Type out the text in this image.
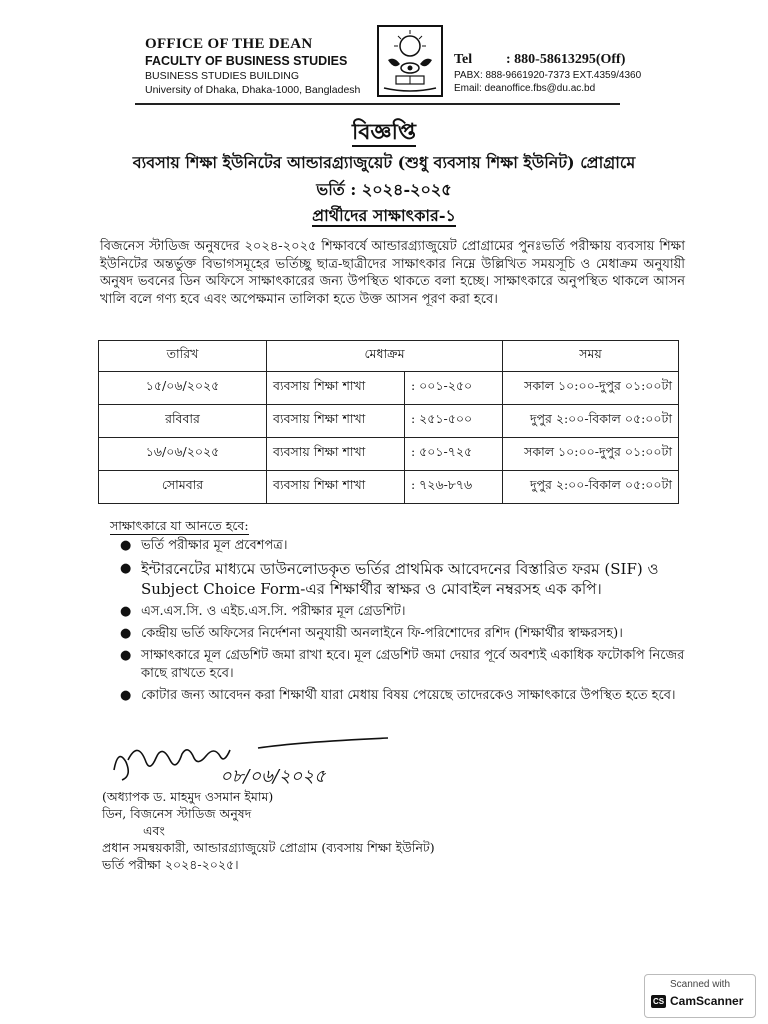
OFFICE OF THE DEAN
FACULTY OF BUSINESS STUDIES
BUSINESS STUDIES BUILDING
University of Dhaka, Dhaka-1000, Bangladesh
Tel : 880-58613295(Off)
PABX: 888-9661920-7373 EXT.4359/4360
Email: deanoffice.fbs@du.ac.bd
বিজ্ঞপ্তি
ব্যবসায় শিক্ষা ইউনিটের আন্ডারগ্র্যাজুয়েট (শুধু ব্যবসায় শিক্ষা ইউনিট) প্রোগ্রামে
ভর্তি : ২০২৪-২০২৫
প্রার্থীদের সাক্ষাৎকার-১
বিজনেস স্টাডিজ অনুষদের ২০২৪-২০২৫ শিক্ষাবর্ষে আন্ডারগ্র্যাজুয়েট প্রোগ্রামের পুনঃভর্তি পরীক্ষায় ব্যবসায় শিক্ষা ইউনিটের অন্তর্ভুক্ত বিভাগসমূহের ভর্তিচ্ছু ছাত্র-ছাত্রীদের সাক্ষাৎকার নিম্নে উল্লিখিত সময়সূচি ও মেধাক্রম অনুযায়ী অনুষদ ভবনের ডিন অফিসে সাক্ষাৎকারের জন্য উপস্থিত থাকতে বলা হচ্ছে। সাক্ষাৎকারে অনুপস্থিত থাকলে আসন খালি বলে গণ্য হবে এবং অপেক্ষমান তালিকা হতে উক্ত আসন পূরণ করা হবে।
তারিখ	মেধাক্রম		সময়
১৫/০৬/২০২৫	ব্যবসায় শিক্ষা শাখা	: ০০১-২৫০	সকাল ১০:০০-দুপুর ০১:০০টা
রবিবার	ব্যবসায় শিক্ষা শাখা	: ২৫১-৫০০	দুপুর ২:০০-বিকাল ০৫:০০টা
১৬/০৬/২০২৫	ব্যবসায় শিক্ষা শাখা	: ৫০১-৭২৫	সকাল ১০:০০-দুপুর ০১:০০টা
সোমবার	ব্যবসায় শিক্ষা শাখা	: ৭২৬-৮৭৬	দুপুর ২:০০-বিকাল ০৫:০০টা
সাক্ষাৎকারে যা আনতে হবে:
● ভর্তি পরীক্ষার মূল প্রবেশপত্র।
● ইন্টারনেটের মাধ্যমে ডাউনলোডকৃত ভর্তির প্রাথমিক আবেদনের বিস্তারিত ফরম (SIF) ও Subject Choice Form-এর শিক্ষার্থীর স্বাক্ষর ও মোবাইল নম্বরসহ এক কপি।
● এস.এস.সি. ও এইচ.এস.সি. পরীক্ষার মূল গ্রেডশিট।
● কেন্দ্রীয় ভর্তি অফিসের নির্দেশনা অনুযায়ী অনলাইনে ফি-পরিশোদের রশিদ (শিক্ষার্থীর স্বাক্ষরসহ)।
● সাক্ষাৎকারে মূল গ্রেডশিট জমা রাখা হবে। মূল গ্রেডশিট জমা দেয়ার পূর্বে অবশ্যই একাধিক ফটোকপি নিজের কাছে রাখতে হবে।
● কোটার জন্য আবেদন করা শিক্ষার্থী যারা মেধায় বিষয় পেয়েছে তাদেরকেও সাক্ষাৎকারে উপস্থিত হতে হবে।
০৮/০৬/২০২৫
(অধ্যাপক ড. মাহমুদ ওসমান ইমাম)
ডিন, বিজনেস স্টাডিজ অনুষদ
এবং
প্রধান সমন্বয়কারী, আন্ডারগ্র্যাজুয়েট প্রোগ্রাম (ব্যবসায় শিক্ষা ইউনিট)
ভর্তি পরীক্ষা ২০২৪-২০২৫।
Scanned with
CS CamScanner
